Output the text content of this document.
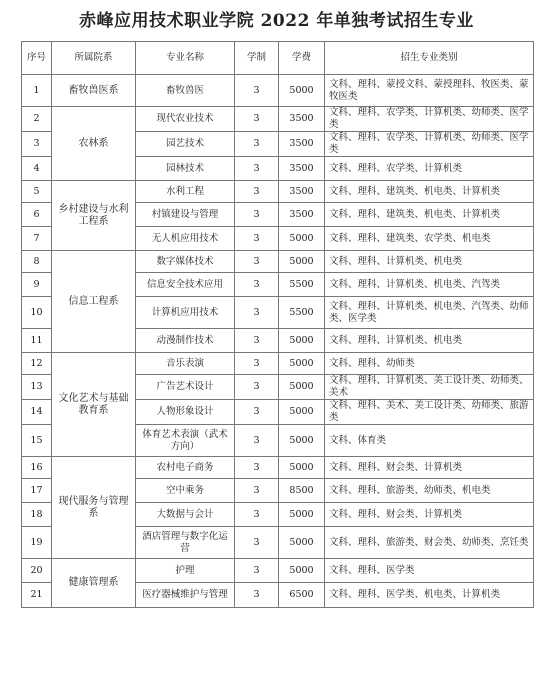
赤峰应用技术职业学院 2022 年单独考试招生专业
序号	所属院系	专业名称	学制	学费	招生专业类别
1	畜牧兽医系	畜牧兽医	3	5000	文科、理科、蒙授文科、蒙授理科、牧医类、蒙牧医类
2	农林系	现代农业技术	3	3500	文科、理科、农学类、计算机类、幼师类、医学类
3		园艺技术	3	3500	文科、理科、农学类、计算机类、幼师类、医学类
4		园林技术	3	3500	文科、理科、农学类、计算机类
5	乡村建设与水利工程系	水利工程	3	3500	文科、理科、建筑类、机电类、计算机类
6		村镇建设与管理	3	3500	文科、理科、建筑类、机电类、计算机类
7		无人机应用技术	3	5000	文科、理科、建筑类、农学类、机电类
8	信息工程系	数字媒体技术	3	5000	文科、理科、计算机类、机电类
9		信息安全技术应用	3	5500	文科、理科、计算机类、机电类、汽驾类
10		计算机应用技术	3	5500	文科、理科、计算机类、机电类、汽驾类、幼师类、医学类
11		动漫制作技术	3	5000	文科、理科、计算机类、机电类
12	文化艺术与基础教育系	音乐表演	3	5000	文科、理科、幼师类
13		广告艺术设计	3	5000	文科、理科、计算机类、美工设计类、幼师类、美术
14		人物形象设计	3	5000	文科、理科、美术、美工设计类、幼师类、旅游类
15		体育艺术表演（武术方向）	3	5000	文科、体育类
16	现代服务与管理系	农村电子商务	3	5000	文科、理科、财会类、计算机类
17		空中乘务	3	8500	文科、理科、旅游类、幼师类、机电类
18		大数据与会计	3	5000	文科、理科、财会类、计算机类
19		酒店管理与数字化运营	3	5000	文科、理科、旅游类、财会类、幼师类、烹饪类
20	健康管理系	护理	3	5000	文科、理科、医学类
21		医疗器械维护与管理	3	6500	文科、理科、医学类、机电类、计算机类
